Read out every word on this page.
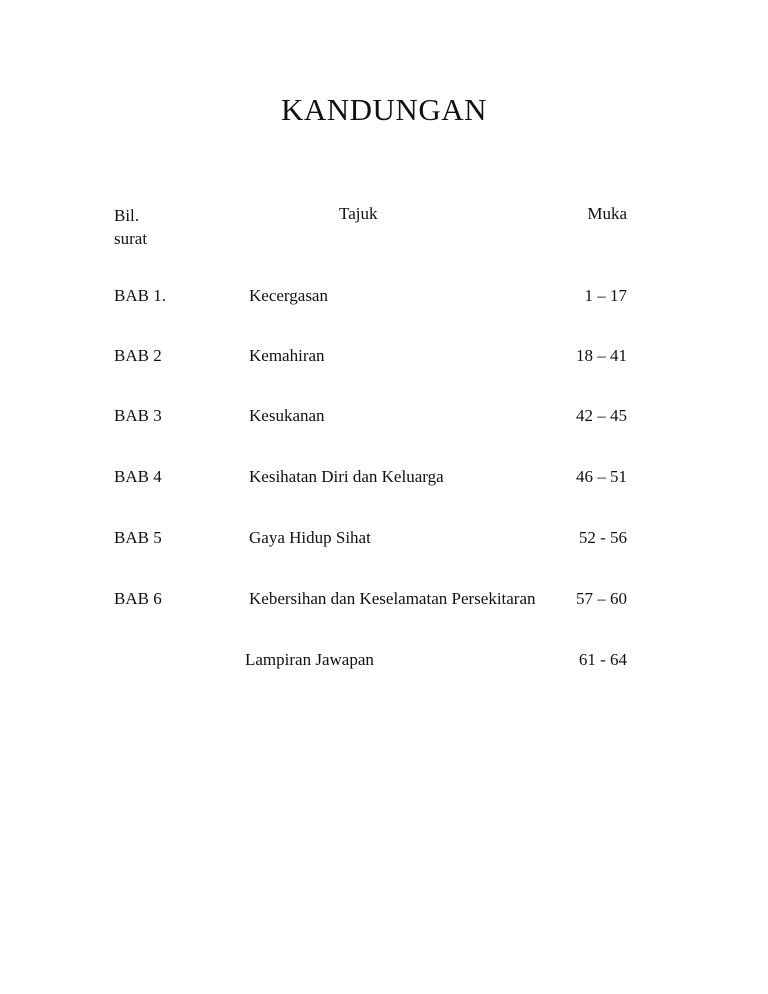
KANDUNGAN
Bil.
surat
Tajuk	Muka
BAB 1.	Kecergasan	1 – 17
BAB 2	Kemahiran	18 – 41
BAB 3	Kesukanan	42 – 45
BAB 4	Kesihatan Diri dan Keluarga	46 – 51
BAB 5	Gaya Hidup Sihat	52 - 56
BAB 6	Kebersihan dan Keselamatan Persekitaran 57 – 60
Lampiran Jawapan	61 - 64
